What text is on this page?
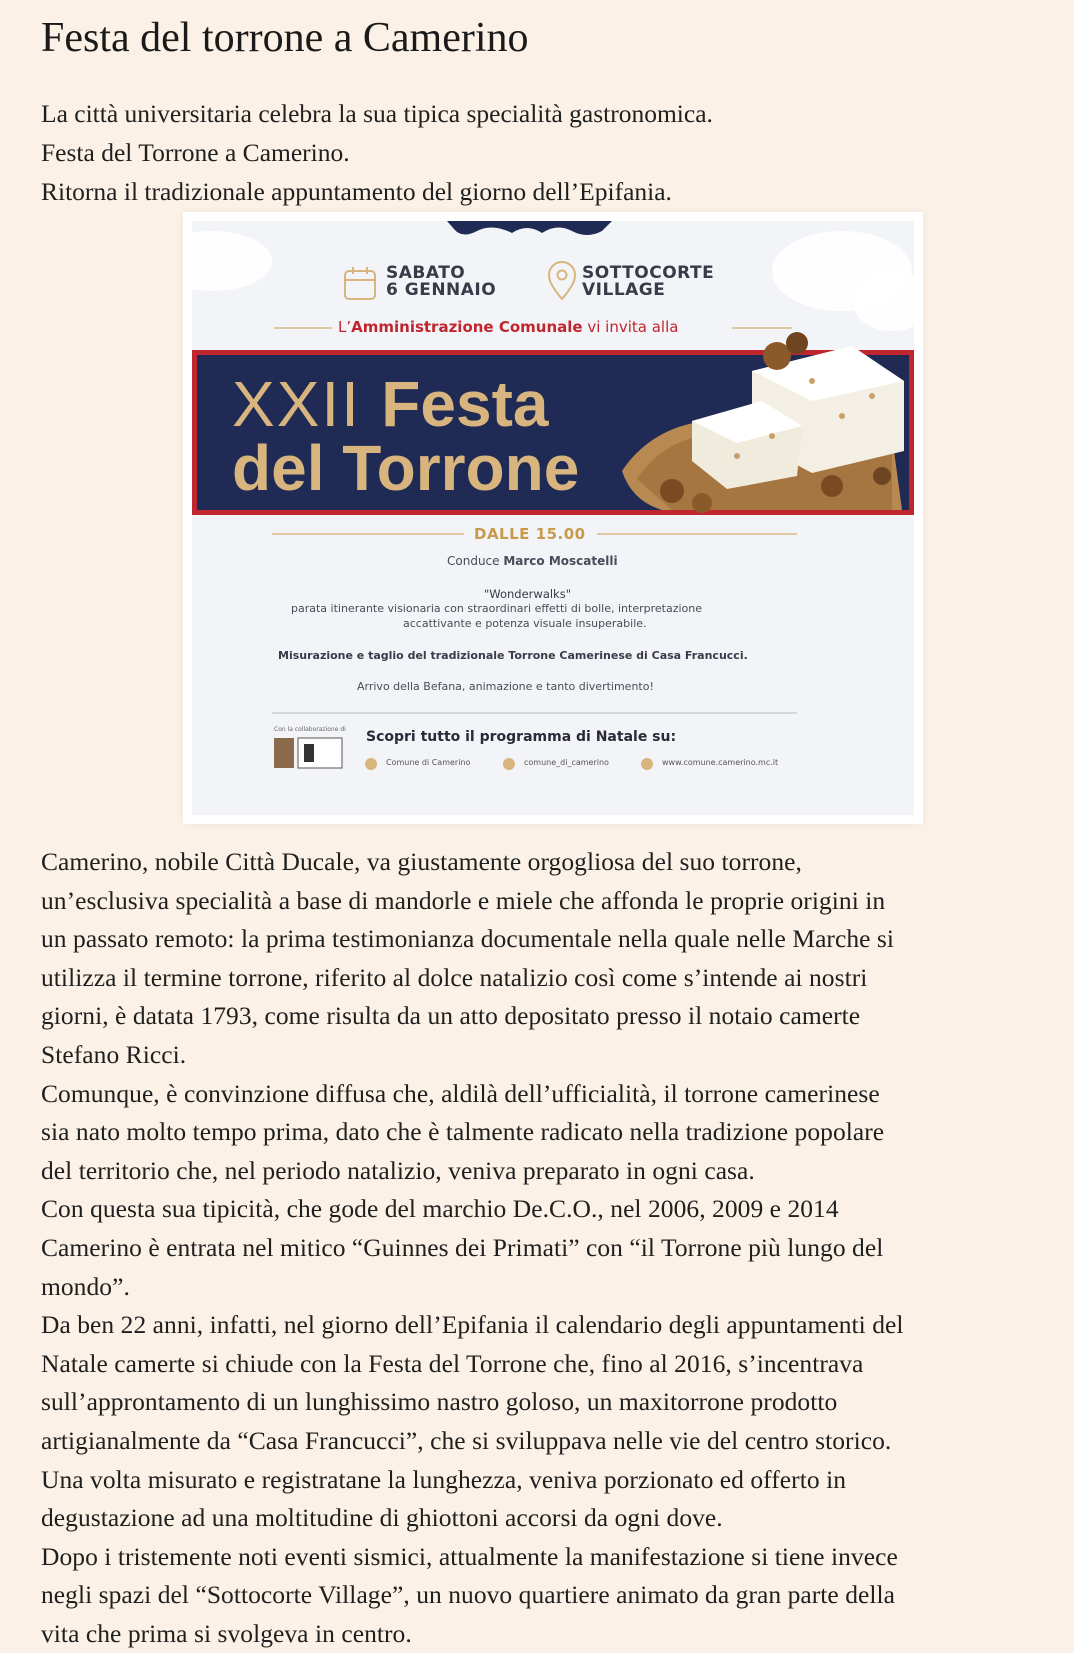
Festa del torrone a Camerino

La città universitaria celebra la sua tipica specialità gastronomica.
Festa del Torrone a Camerino.
Ritorna il tradizionale appuntamento del giorno dell’Epifania.

SABATO
6 GENNAIO
SOTTOCORTE
VILLAGE
L’Amministrazione Comunale vi invita alla
XXII Festa
del Torrone
DALLE 15.00
Conduce Marco Moscatelli
"Wonderwalks"
parata itinerante visionaria con straordinari effetti di bolle, interpretazione
accattivante e potenza visuale insuperabile.
Misurazione e taglio del tradizionale Torrone Camerinese di Casa Francucci.
Arrivo della Befana, animazione e tanto divertimento!
Con la collaborazione di Scopri tutto il programma di Natale su:
Comune di Camerino	comune_di_camerino	www.comune.camerino.mc.it
Camerino, nobile Città Ducale, va giustamente orgogliosa del suo torrone,
un’esclusiva specialità a base di mandorle e miele che affonda le proprie origini in
un passato remoto: la prima testimonianza documentale nella quale nelle Marche si
utilizza il termine torrone, riferito al dolce natalizio così come s’intende ai nostri
giorni, è datata 1793, come risulta da un atto depositato presso il notaio camerte
Stefano Ricci.
Comunque, è convinzione diffusa che, aldilà dell’ufficialità, il torrone camerinese
sia nato molto tempo prima, dato che è talmente radicato nella tradizione popolare
del territorio che, nel periodo natalizio, veniva preparato in ogni casa.
Con questa sua tipicità, che gode del marchio De.C.O., nel 2006, 2009 e 2014
Camerino è entrata nel mitico “Guinnes dei Primati” con “il Torrone più lungo del
mondo”.
Da ben 22 anni, infatti, nel giorno dell’Epifania il calendario degli appuntamenti del
Natale camerte si chiude con la Festa del Torrone che, fino al 2016, s’incentrava
sull’approntamento di un lunghissimo nastro goloso, un maxitorrone prodotto
artigianalmente da “Casa Francucci”, che si sviluppava nelle vie del centro storico.
Una volta misurato e registratane la lunghezza, veniva porzionato ed offerto in
degustazione ad una moltitudine di ghiottoni accorsi da ogni dove.
Dopo i tristemente noti eventi sismici, attualmente la manifestazione si tiene invece
negli spazi del “Sottocorte Village”, un nuovo quartiere animato da gran parte della
vita che prima si svolgeva in centro.
